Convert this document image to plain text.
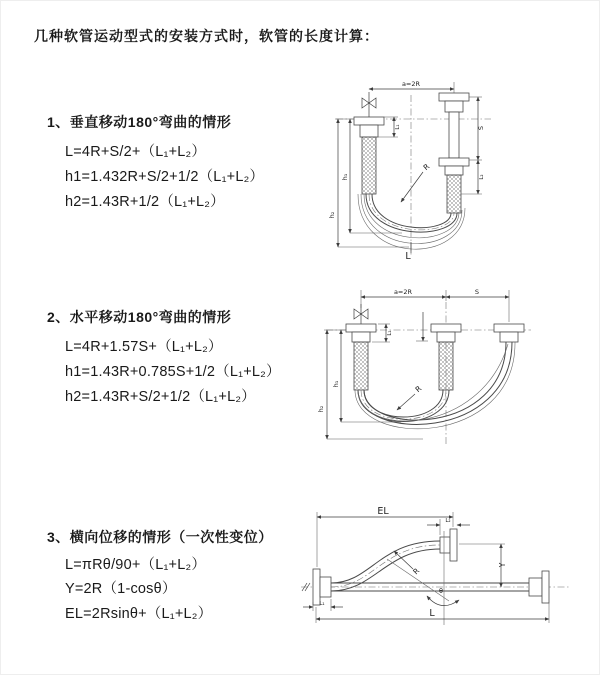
几种软管运动型式的安装方式时，软管的长度计算：
1、垂直移动180°弯曲的情形
L=4R+S/2+（L₁+L₂）
h1=1.432R+S/2+1/2（L₁+L₂）
h2=1.43R+1/2（L₁+L₂）
2、水平移动180°弯曲的情形
L=4R+1.57S+（L₁+L₂）
h1=1.43R+0.785S+1/2（L₁+L₂）
h2=1.43R+S/2+1/2（L₁+L₂）
3、横向位移的情形（一次性变位）
L=πRθ/90+（L₁+L₂）
Y=2R（1-cosθ）
EL=2Rsinθ+（L₁+L₂）
a=2R
h₂
h₁
L₁	S
L₂
R
L
a=2R	S
h₂
h₁
L₁
R
EL
L₂
Y
θ
R
L
L₁
